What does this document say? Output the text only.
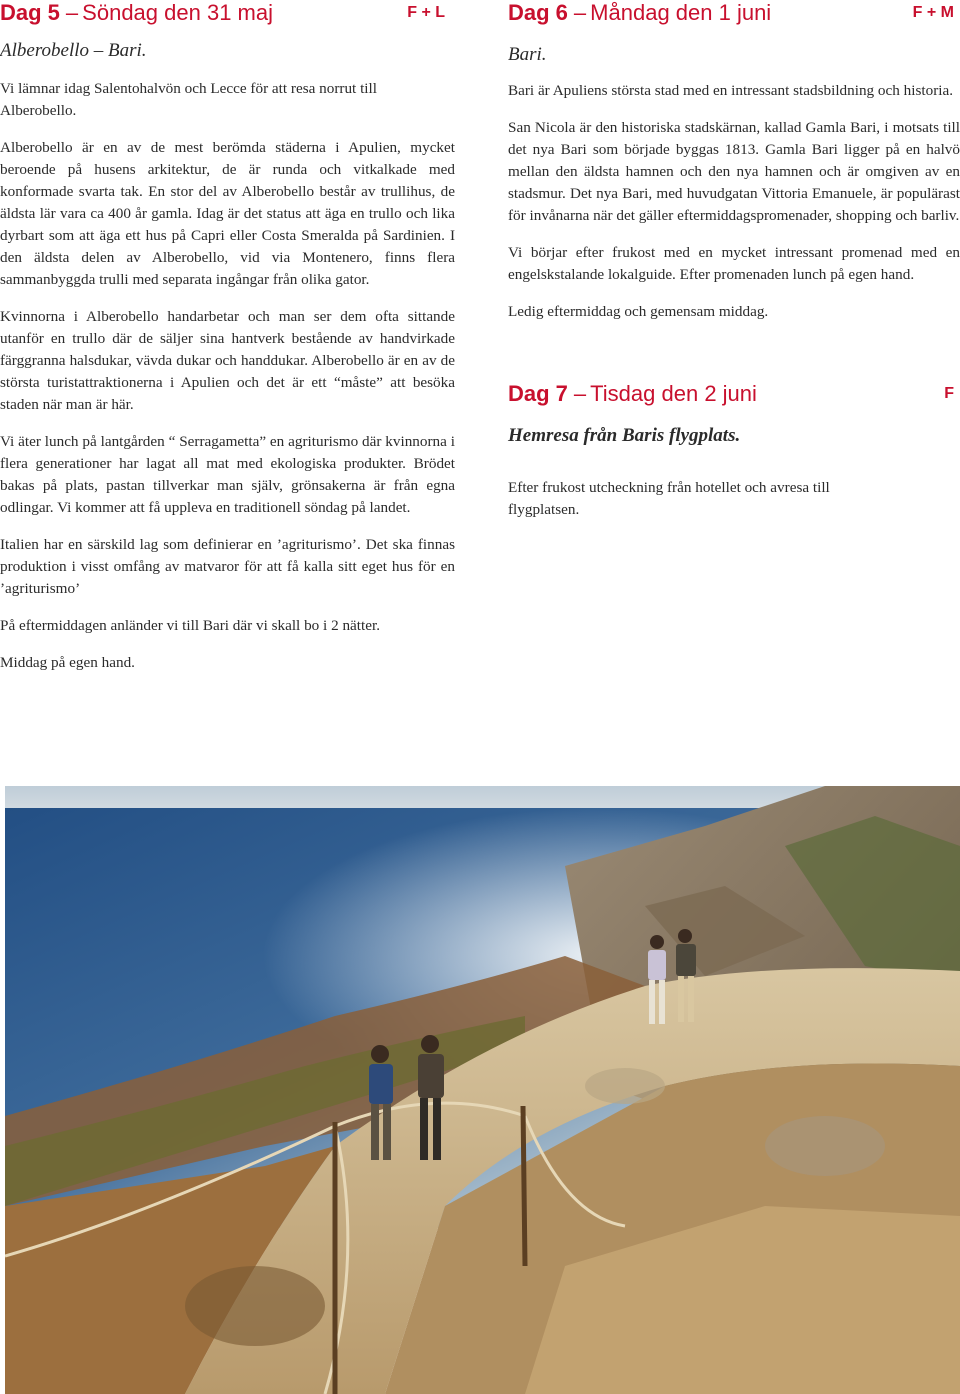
Dag 5 – Söndag den 31 maj	F + L
Alberobello – Bari.

Vi lämnar idag Salentohalvön och Lecce för att resa norrut till Alberobello.

Alberobello är en av de mest berömda städerna i Apulien, mycket beroende på husens arkitektur, de är runda och vitkalkade med konformade svarta tak. En stor del av Alberobello består av trullihus, de äldsta lär vara ca 400 år gamla. Idag är det status att äga en trullo och lika dyrbart som att äga ett hus på Capri eller Costa Smeralda på Sardinien. I den äldsta delen av Alberobello, vid via Montenero, finns flera sammanbyggda trulli med separata ingångar från olika gator.

Kvinnorna i Alberobello handarbetar och man ser dem ofta sittande utanför en trullo där de säljer sina hantverk bestående av handvirkade färggranna halsdukar, vävda dukar och handdukar. Alberobello är en av de största turistattraktionerna i Apulien och det är ett “måste” att besöka staden när man är här.

Vi äter lunch på lantgården “ Serragametta” en agriturismo där kvinnorna i flera generationer har lagat all mat med ekologiska produkter. Brödet bakas på plats, pastan tillverkar man själv, grönsakerna är från egna odlingar. Vi kommer att få uppleva en traditionell söndag på landet.

Italien har en särskild lag som definierar en ’agriturismo’. Det ska finnas produktion i visst omfång av matvaror för att få kalla sitt eget hus för en ’agriturismo’

På eftermiddagen anländer vi till Bari där vi skall bo i 2 nätter.

Middag på egen hand.

Dag 6 – Måndag den 1 juni	F + M
Bari.

Bari är Apuliens största stad med en intressant stadsbildning och historia.

San Nicola är den historiska stadskärnan, kallad Gamla Bari, i motsats till det nya Bari som började byggas 1813. Gamla Bari ligger på en halvö mellan den äldsta hamnen och den nya hamnen och är omgiven av en stadsmur. Det nya Bari, med huvudgatan Vittoria Emanuele, är populärast för invånarna när det gäller eftermiddagspromenader, shopping och barliv.

Vi börjar efter frukost med en mycket intressant promenad med en engelskstalande lokalguide. Efter promenaden lunch på egen hand.

Ledig eftermiddag och gemensam middag.

Dag 7 – Tisdag den 2 juni	F
Hemresa från Baris flygplats.

Efter frukost utcheckning från hotellet och avresa till flygplatsen.
